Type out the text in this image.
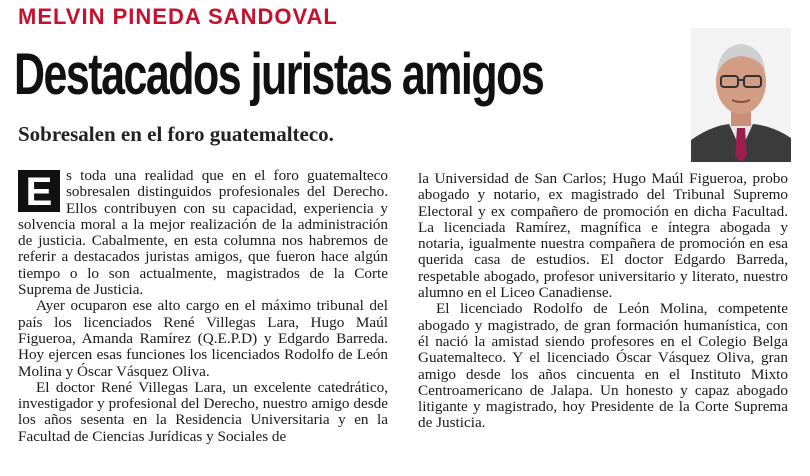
MELVIN PINEDA SANDOVAL
Destacados juristas amigos
Sobresalen en el foro guatemalteco.

E s toda una realidad que en el foro guatemalteco sobresalen distinguidos profesionales del Derecho. Ellos contribuyen con su capacidad, experiencia y solvencia moral a la mejor realización de la administración de justicia. Cabalmente, en esta columna nos habremos de referir a destacados juristas amigos, que fueron hace algún tiempo o lo son actualmente, magistrados de la Corte Suprema de Justicia.

Ayer ocuparon ese alto cargo en el máximo tribunal del país los licenciados René Villegas Lara, Hugo Maúl Figueroa, Amanda Ramírez (Q.E.P.D) y Edgardo Barreda. Hoy ejercen esas funciones los licenciados Rodolfo de León Molina y Óscar Vásquez Oliva.

El doctor René Villegas Lara, un excelente catedrático, investigador y profesional del Derecho, nuestro amigo desde los años sesenta en la Residencia Universitaria y en la Facultad de Ciencias Jurídicas y Sociales de

la Universidad de San Carlos; Hugo Maúl Figueroa, probo abogado y notario, ex magistrado del Tribunal Supremo Electoral y ex compañero de promoción en dicha Facultad. La licenciada Ramírez, magnífica e íntegra abogada y notaria, igualmente nuestra compañera de promoción en esa querida casa de estudios. El doctor Edgardo Barreda, respetable abogado, profesor universitario y literato, nuestro alumno en el Liceo Canadiense.

El licenciado Rodolfo de León Molina, competente abogado y magistrado, de gran formación humanística, con él nació la amistad siendo profesores en el Colegio Belga Guatemalteco. Y el licenciado Óscar Vásquez Oliva, gran amigo desde los años cincuenta en el Instituto Mixto Centroamericano de Jalapa. Un honesto y capaz abogado litigante y magistrado, hoy Presidente de la Corte Suprema de Justicia.
